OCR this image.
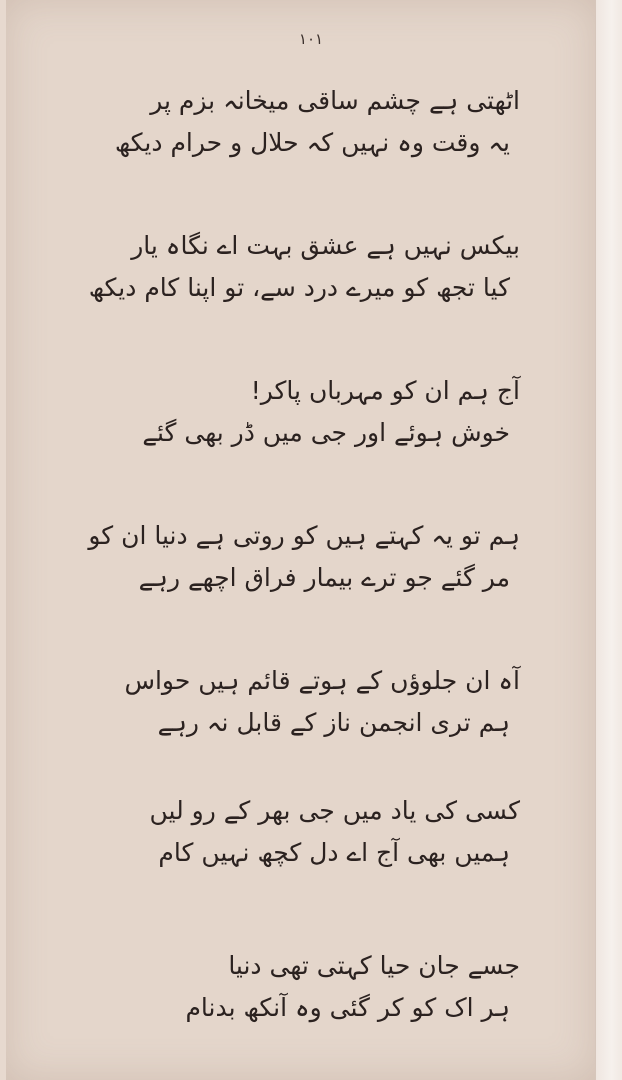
۱۰۱
اٹھتی ہے چشم ساقی میخانہ بزم پر
یہ وقت وہ نہیں کہ حلال و حرام دیکھ
بیکس نہیں ہے عشق بہت اے نگاہ یار
کیا تجھ کو میرے درد سے، تو اپنا کام دیکھ
آج ہم ان کو مہرباں پاکر!
خوش ہوئے اور جی میں ڈر بھی گئے
ہم تو یہ کہتے ہیں کو روتی ہے دنیا ان کو
مر گئے جو ترے بیمار فراق اچھے رہے
آہ ان جلوؤں کے ہوتے قائم ہیں حواس
ہم تری انجمن ناز کے قابل نہ رہے
کسی کی یاد میں جی بھر کے رو لیں
ہمیں بھی آج اے دل کچھ نہیں کام
جسے جان حیا کہتی تھی دنیا
ہر اک کو کر گئی وہ آنکھ بدنام
